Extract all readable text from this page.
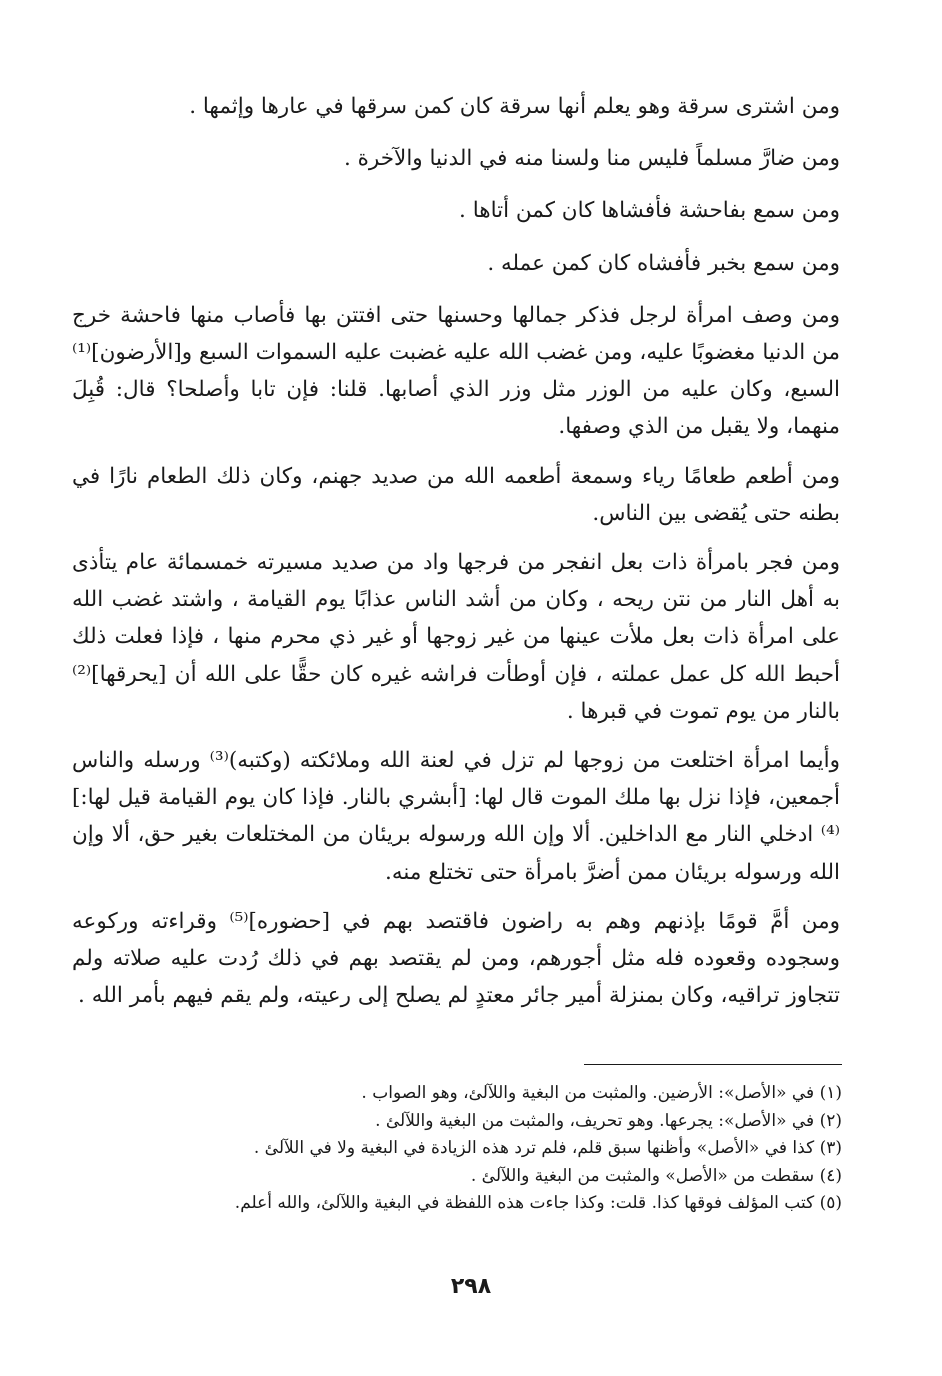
ومن اشترى سرقة وهو يعلم أنها سرقة كان كمن سرقها في عارها وإثمها .

ومن ضارَّ مسلماً فليس منا ولسنا منه في الدنيا والآخرة .

ومن سمع بفاحشة فأفشاها كان كمن أتاها .

ومن سمع بخبر فأفشاه كان كمن عمله .

ومن وصف امرأة لرجل فذكر جمالها وحسنها حتى افتتن بها فأصاب منها فاحشة خرج من الدنيا مغضوبًا عليه، ومن غضب الله عليه غضبت عليه السموات السبع و[الأرضون]⁽¹⁾ السبع، وكان عليه من الوزر مثل وزر الذي أصابها. قلنا: فإن تابا وأصلحا؟ قال: قُبِلَ منهما، ولا يقبل من الذي وصفها.

ومن أطعم طعامًا رياء وسمعة أطعمه الله من صديد جهنم، وكان ذلك الطعام نارًا في بطنه حتى يُقضى بين الناس.

ومن فجر بامرأة ذات بعل انفجر من فرجها واد من صديد مسيرته خمسمائة عام يتأذى به أهل النار من نتن ريحه ، وكان من أشد الناس عذابًا يوم القيامة ، واشتد غضب الله على امرأة ذات بعل ملأت عينها من غير زوجها أو غير ذي محرم منها ، فإذا فعلت ذلك أحبط الله كل عمل عملته ، فإن أوطأت فراشه غيره كان حقًّا على الله أن [يحرقها]⁽²⁾ بالنار من يوم تموت في قبرها .

وأيما امرأة اختلعت من زوجها لم تزل في لعنة الله وملائكته (وكتبه)⁽³⁾ ورسله والناس أجمعين، فإذا نزل بها ملك الموت قال لها: [أبشري بالنار. فإذا كان يوم القيامة قيل لها:]⁽⁴⁾ ادخلي النار مع الداخلين. ألا وإن الله ورسوله بريئان من المختلعات بغير حق، ألا وإن الله ورسوله بريئان ممن أضرَّ بامرأة حتى تختلع منه.

ومن أمَّ قومًا بإذنهم وهم به راضون فاقتصد بهم في [حضوره]⁽⁵⁾ وقراءته وركوعه وسجوده وقعوده فله مثل أجورهم، ومن لم يقتصد بهم في ذلك رُدت عليه صلاته ولم تتجاوز تراقيه، وكان بمنزلة أمير جائر معتدٍ لم يصلح إلى رعيته، ولم يقم فيهم بأمر الله .

(١) في «الأصل»: الأرضين. والمثبت من البغية واللآلئ، وهو الصواب .

(٢) في «الأصل»: يجرعها. وهو تحريف، والمثبت من البغية واللآلئ .

(٣) كذا في «الأصل» وأظنها سبق قلم، فلم ترد هذه الزيادة في البغية ولا في اللآلئ .

(٤) سقطت من «الأصل» والمثبت من البغية واللآلئ .

(٥) كتب المؤلف فوقها كذا. قلت: وكذا جاءت هذه اللفظة في البغية واللآلئ، والله أعلم.

٢٩٨
